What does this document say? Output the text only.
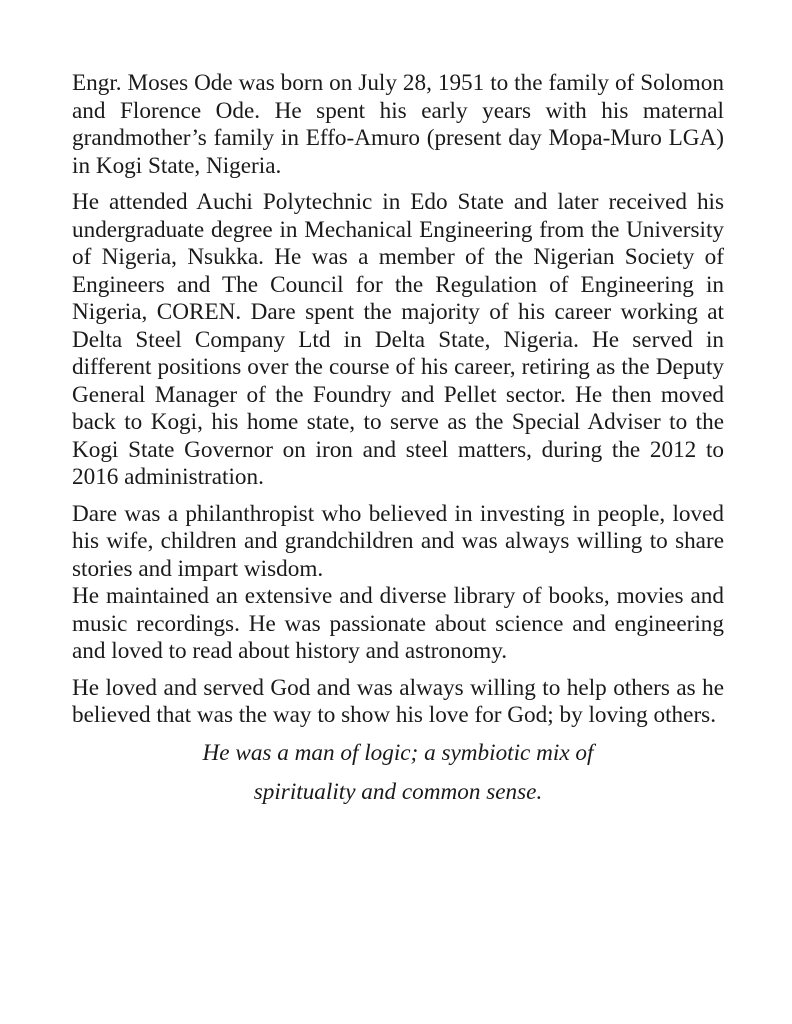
Engr. Moses Ode was born on July 28, 1951 to the family of Solomon and Florence Ode. He spent his early years with his maternal grandmother’s family in Effo-Amuro (present day Mopa-Muro LGA) in Kogi State, Nigeria.

He attended Auchi Polytechnic in Edo State and later received his undergraduate degree in Mechanical Engineering from the University of Nigeria, Nsukka. He was a member of the Nigerian Society of Engineers and The Council for the Regulation of Engineering in Nigeria, COREN. Dare spent the majority of his career working at Delta Steel Company Ltd in Delta State, Nigeria. He served in different positions over the course of his career, retiring as the Deputy General Manager of the Foundry and Pellet sector. He then moved back to Kogi, his home state, to serve as the Special Adviser to the Kogi State Governor on iron and steel matters, during the 2012 to 2016 administration.

Dare was a philanthropist who believed in investing in people, loved his wife, children and grandchildren and was always willing to share stories and impart wisdom.

He maintained an extensive and diverse library of books, movies and music recordings. He was passionate about science and engineering and loved to read about history and astronomy.

He loved and served God and was always willing to help others as he believed that was the way to show his love for God; by loving others.

He was a man of logic; a symbiotic mix of

spirituality and common sense.
